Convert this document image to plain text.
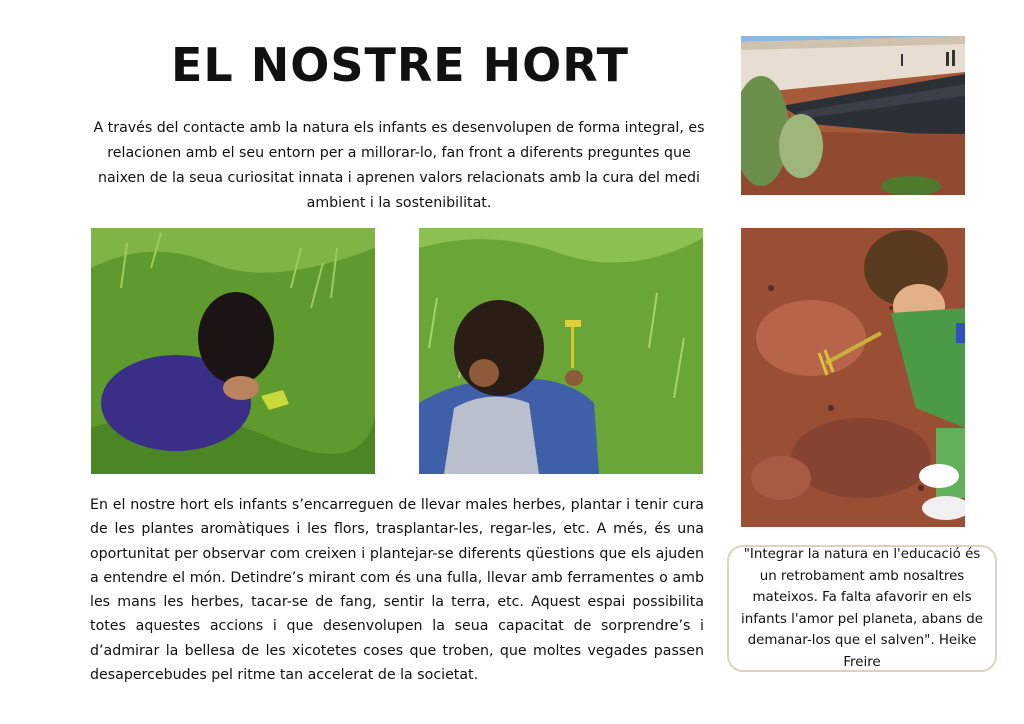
EL NOSTRE HORT

A través del contacte amb la natura els infants es desenvolupen de forma integral, es relacionen amb el seu entorn per a millorar-lo, fan front a diferents preguntes que naixen de la seua curiositat innata i aprenen valors relacionats amb la cura del medi ambient i la sostenibilitat.

En el nostre hort els infants s’encarreguen de llevar males herbes, plantar i tenir cura de les plantes aromàtiques i les flors, trasplantar-les, regar-les, etc. A més, és una oportunitat per observar com creixen i plantejar-se diferents qüestions que els ajuden a entendre el món. Detindre’s mirant com és una fulla, llevar amb ferramentes o amb les mans les herbes, tacar-se de fang, sentir la terra, etc. Aquest espai possibilita totes aquestes accions i que desenvolupen la seua capacitat de sorprendre’s i d’admirar la bellesa de les xicotetes coses que troben, que moltes vegades passen desapercebudes pel ritme tan accelerat de la societat.

"Integrar la natura en l'educació és un retrobament amb nosaltres mateixos. Fa falta afavorir en els infants l'amor pel planeta, abans de demanar-los que el salven". Heike Freire
